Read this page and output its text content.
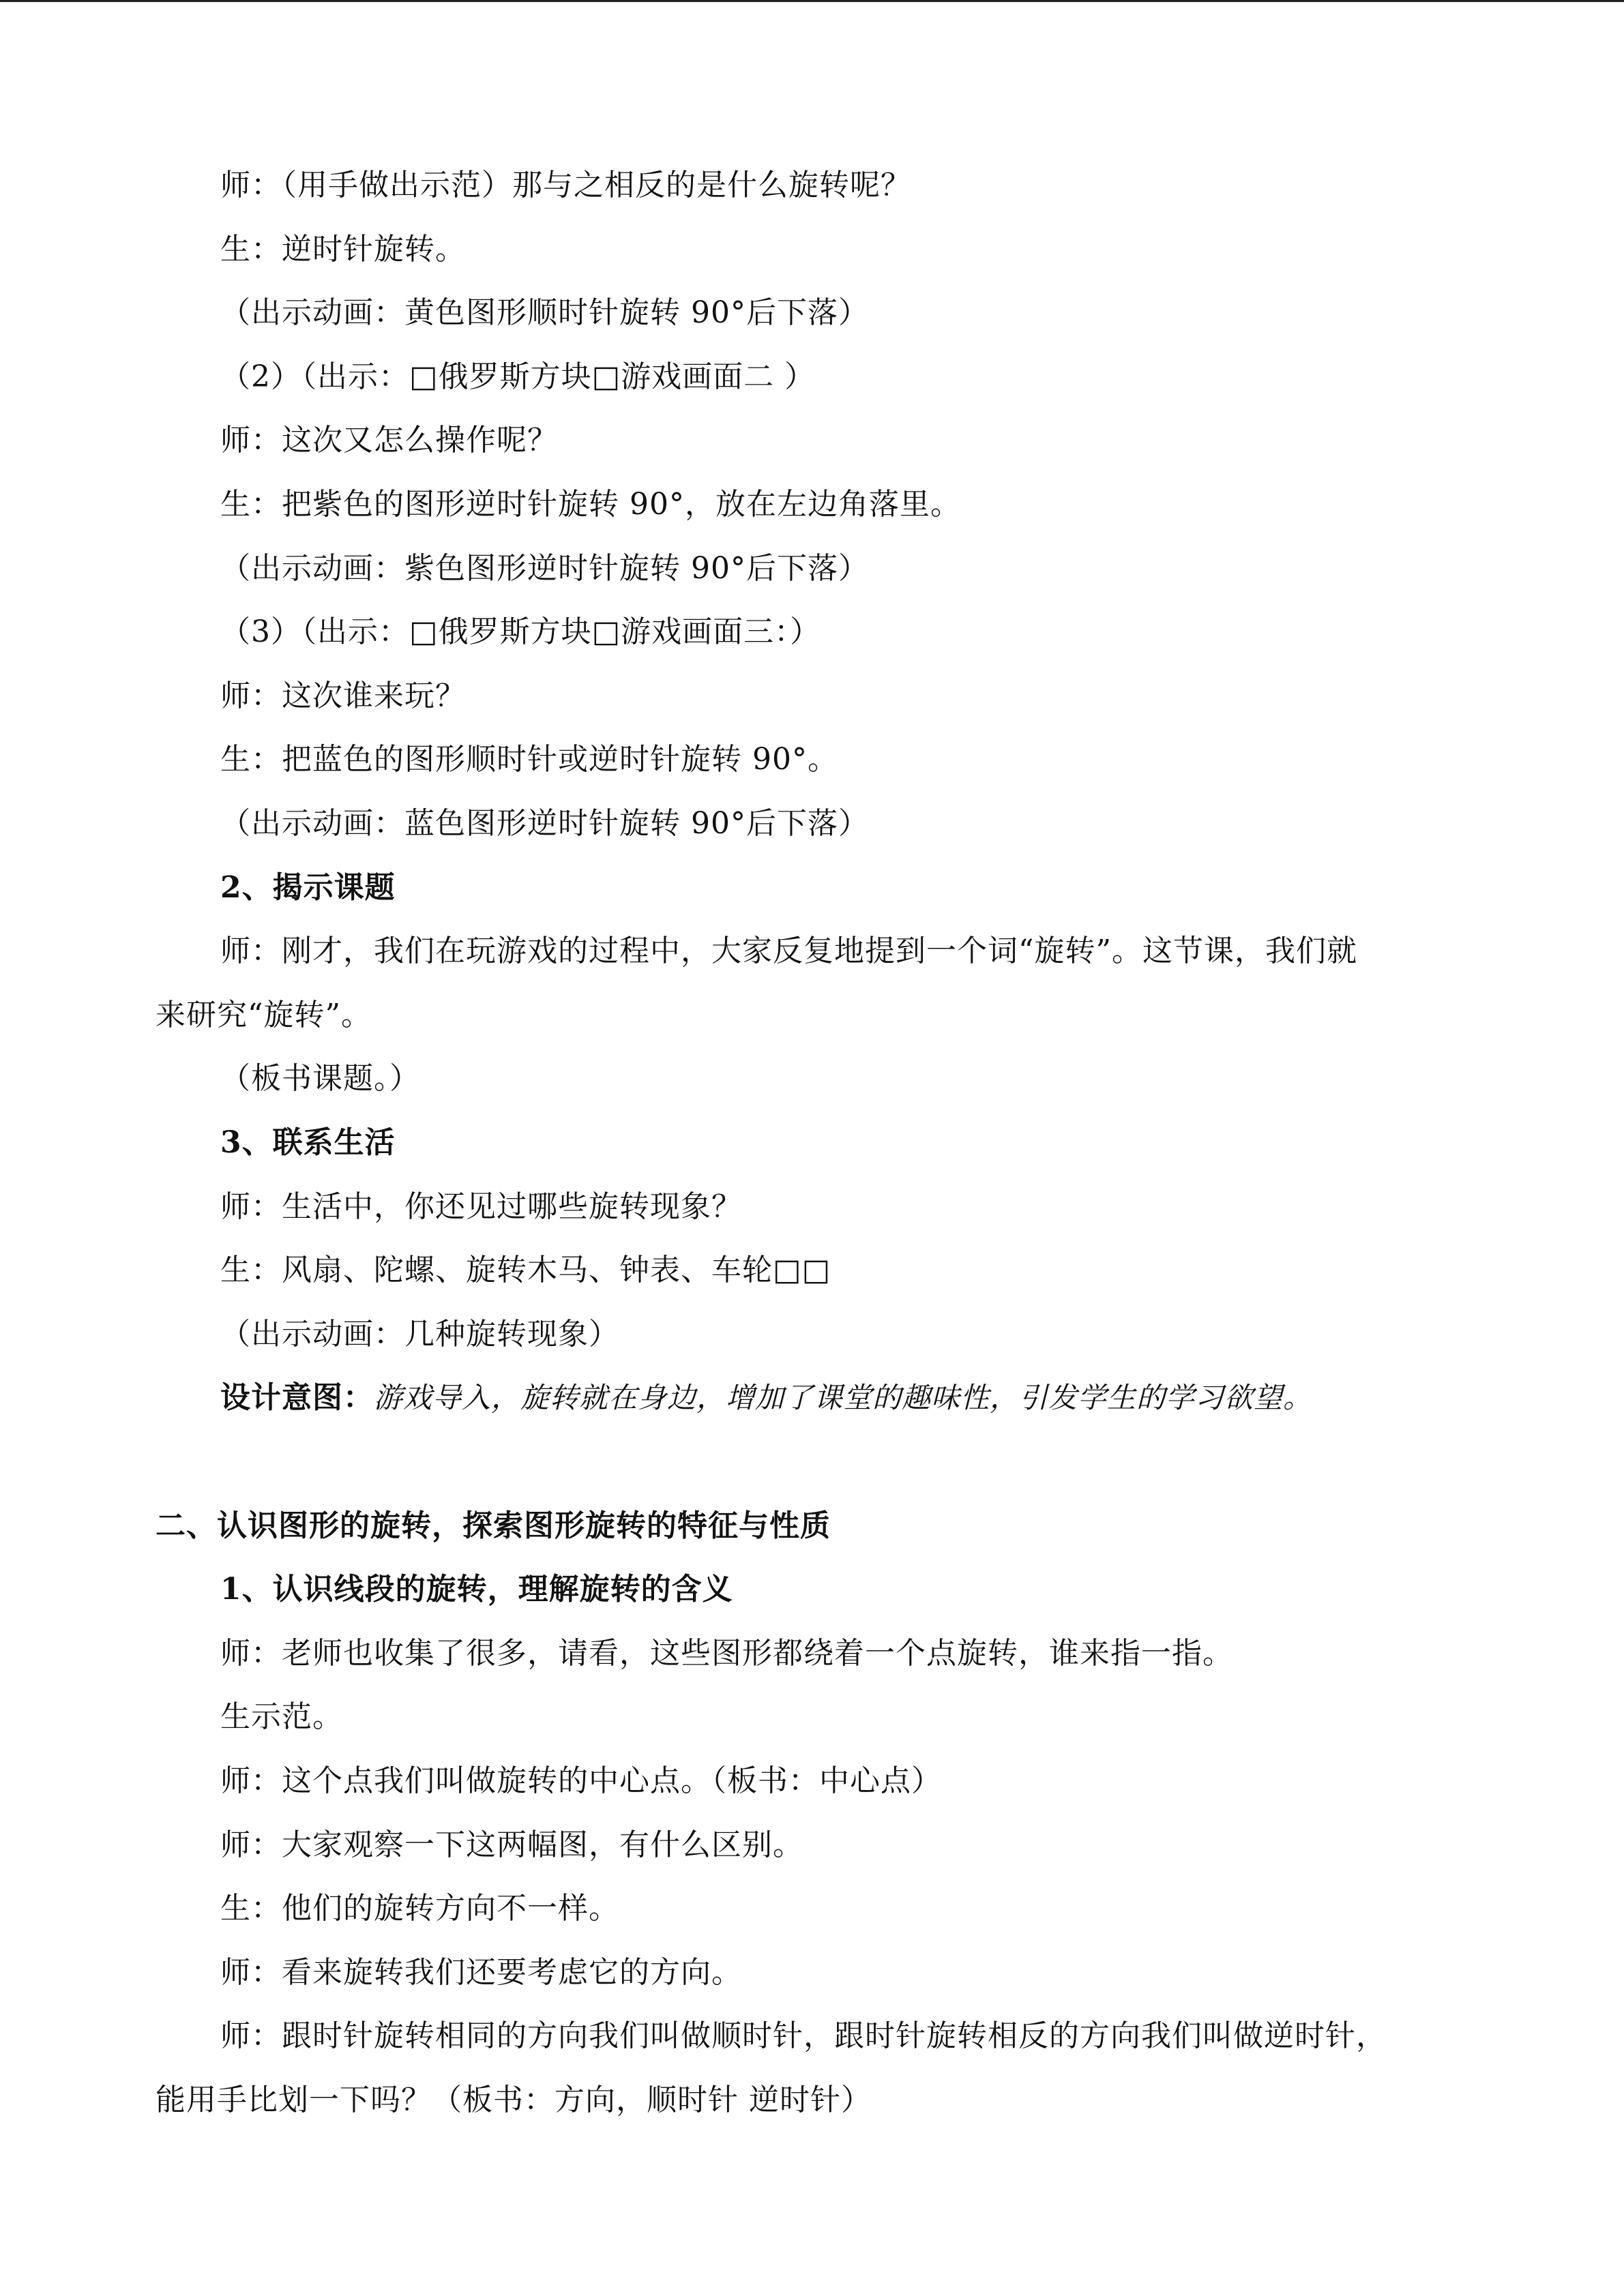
师：（用手做出示范）那与之相反的是什么旋转呢？
生：逆时针旋转。
（出示动画：黄色图形顺时针旋转 90°后下落）
（2）（出示：□俄罗斯方块□游戏画面二 ）
师：这次又怎么操作呢？
生：把紫色的图形逆时针旋转 90°，放在左边角落里。
（出示动画：紫色图形逆时针旋转 90°后下落）
（3）（出示：□俄罗斯方块□游戏画面三：）
师：这次谁来玩？
生：把蓝色的图形顺时针或逆时针旋转 90°。
（出示动画：蓝色图形逆时针旋转 90°后下落）
2、揭示课题
师：刚才，我们在玩游戏的过程中，大家反复地提到一个词“旋转”。这节课，我们就
来研究“旋转”。
（板书课题。）
3、联系生活
师：生活中，你还见过哪些旋转现象？
生：风扇、陀螺、旋转木马、钟表、车轮□□
（出示动画：几种旋转现象）
设计意图：游戏导入，旋转就在身边，增加了课堂的趣味性，引发学生的学习欲望。
二、认识图形的旋转，探索图形旋转的特征与性质
1、认识线段的旋转，理解旋转的含义
师：老师也收集了很多，请看，这些图形都绕着一个点旋转，谁来指一指。
生示范。
师：这个点我们叫做旋转的中心点。（板书：中心点）
师：大家观察一下这两幅图，有什么区别。
生：他们的旋转方向不一样。
师：看来旋转我们还要考虑它的方向。
师：跟时针旋转相同的方向我们叫做顺时针，跟时针旋转相反的方向我们叫做逆时针，
能用手比划一下吗？（板书：方向，顺时针 逆时针）
